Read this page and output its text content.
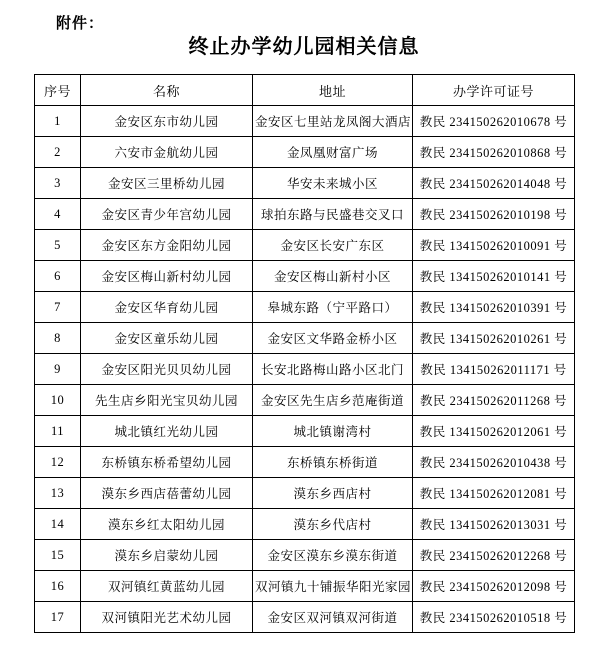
附件：
终止办学幼儿园相关信息
序号	名称	地址	办学许可证号
1	金安区东市幼儿园	金安区七里站龙凤阁大酒店	教民 234150262010678 号
2	六安市金航幼儿园	金凤凰财富广场	教民 234150262010868 号
3	金安区三里桥幼儿园	华安未来城小区	教民 234150262014048 号
4	金安区青少年宫幼儿园	球拍东路与民盛巷交叉口	教民 234150262010198 号
5	金安区东方金阳幼儿园	金安区长安广东区	教民 134150262010091 号
6	金安区梅山新村幼儿园	金安区梅山新村小区	教民 134150262010141 号
7	金安区华育幼儿园	皋城东路（宁平路口）	教民 134150262010391 号
8	金安区童乐幼儿园	金安区文华路金桥小区	教民 134150262010261 号
9	金安区阳光贝贝幼儿园	长安北路梅山路小区北门	教民 134150262011171 号
10	先生店乡阳光宝贝幼儿园	金安区先生店乡范庵街道	教民 234150262011268 号
11	城北镇红光幼儿园	城北镇谢湾村	教民 134150262012061 号
12	东桥镇东桥希望幼儿园	东桥镇东桥街道	教民 234150262010438 号
13	漠东乡西店蓓蕾幼儿园	漠东乡西店村	教民 134150262012081 号
14	漠东乡红太阳幼儿园	漠东乡代店村	教民 134150262013031 号
15	漠东乡启蒙幼儿园	金安区漠东乡漠东街道	教民 234150262012268 号
16	双河镇红黄蓝幼儿园	双河镇九十铺振华阳光家园	教民 234150262012098 号
17	双河镇阳光艺术幼儿园	金安区双河镇双河街道	教民 234150262010518 号
